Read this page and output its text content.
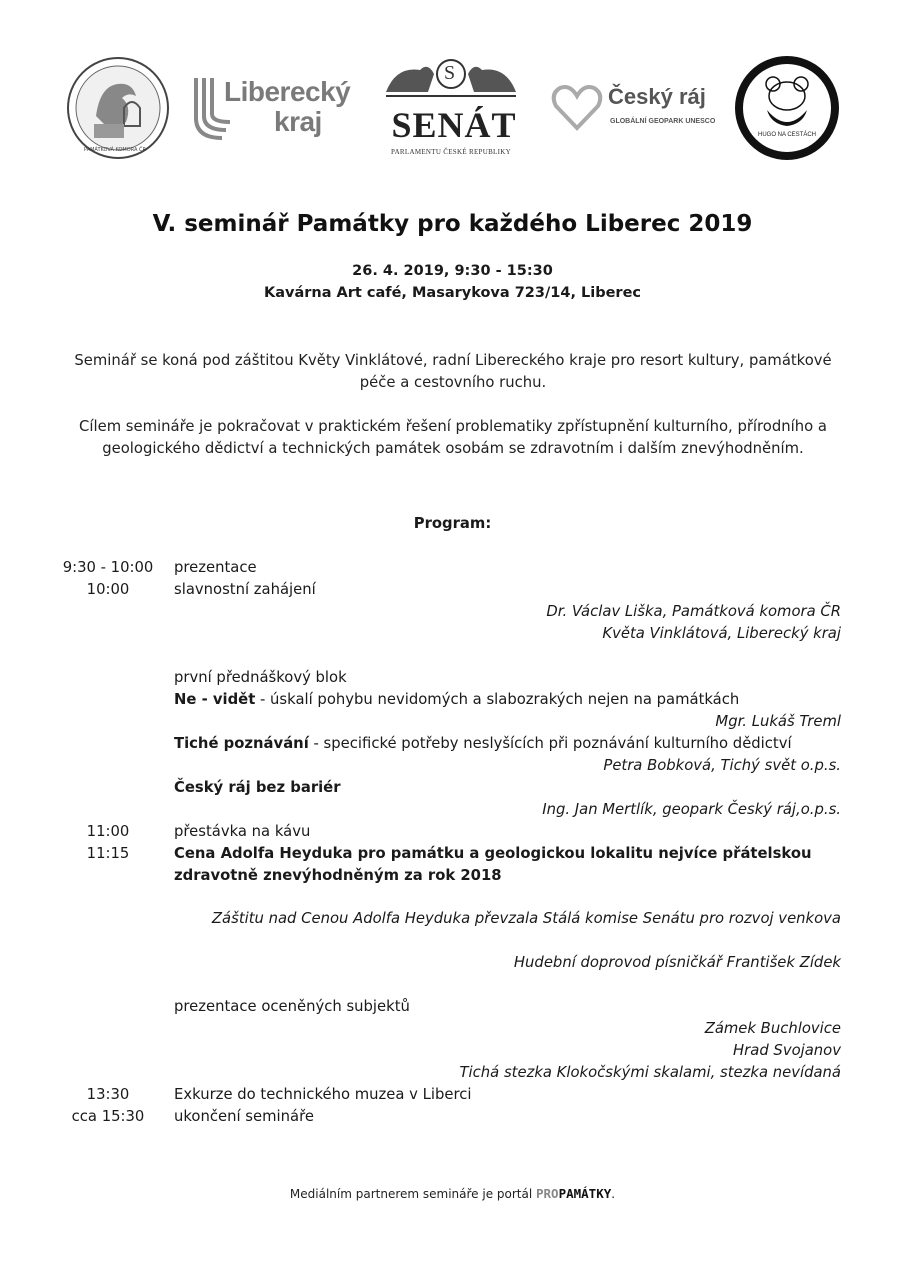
Liberecký
kraj
S
SENÁT
PARLAMENTU ČESKÉ REPUBLIKY
Český ráj
GLOBÁLNÍ GEOPARK UNESCO
HUGO NA CESTÁCH
PAMÁTKOVÁ KOMORA ČR
V. seminář Památky pro každého Liberec 2019
26. 4. 2019, 9:30 - 15:30
Kavárna Art café, Masarykova 723/14, Liberec
Seminář se koná pod záštitou Květy Vinklátové, radní Libereckého kraje pro resort kultury, památkové péče a cestovního ruchu.
Cílem semináře je pokračovat v praktickém řešení problematiky zpřístupnění kulturního, přírodního a geologického dědictví a technických památek osobám se zdravotním i dalším znevýhodněním.
Program:
9:30 - 10:00	prezentace
10:00	slavnostní zahájení
Dr. Václav Liška, Památková komora ČR
Květa Vinklátová, Liberecký kraj
první přednáškový blok
Ne - vidět - úskalí pohybu nevidomých a slabozrakých nejen na památkách
Mgr. Lukáš Treml
Tiché poznávání - specifické potřeby neslyšících při poznávání kulturního dědictví
Petra Bobková, Tichý svět o.p.s.
Český ráj bez bariér
Ing. Jan Mertlík, geopark Český ráj,o.p.s.
11:00	přestávka na kávu
11:15	Cena Adolfa Heyduka pro památku a geologickou lokalitu nejvíce přátelskou
zdravotně znevýhodněným za rok 2018
Záštitu nad Cenou Adolfa Heyduka převzala Stálá komise Senátu pro rozvoj venkova
Hudební doprovod písničkář František Zídek
prezentace oceněných subjektů
Zámek Buchlovice
Hrad Svojanov
Tichá stezka Klokočskými skalami, stezka nevídaná
13:30	Exkurze do technického muzea v Liberci
cca 15:30	ukončení semináře
Mediálním partnerem semináře je portál PROPAMÁTKY.
